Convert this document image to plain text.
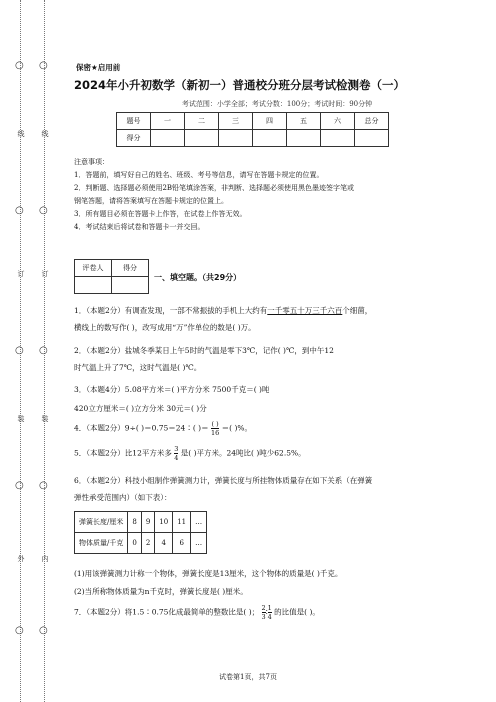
○
线
○
订
○
装
○
外
○
○
线
○
订
○
装
○
内
○
保密★启用前
2024年小升初数学（新初一）普通校分班分层考试检测卷（一）
考试范围：小学全部；考试分数：100分；考试时间：90分钟
题号	一	二	三	四	五	六	总分
得分							
注意事项：
1．答题前，填写好自己的姓名、班级、考号等信息，请写在答题卡规定的位置。
2．判断题、选择题必须使用2B铅笔填涂答案，非判断、选择题必须使用黑色墨迹签字笔或
钢笔答题，请将答案填写在答题卡规定的位置上。
3．所有题目必须在答题卡上作答，在试卷上作答无效。
4．考试结束后将试卷和答题卡一并交回。
评卷人	得分

一、填空题。（共29分）
1．（本题2分）有调查发现，一部不常振拔的手机上大约有一千零五十万三千六百个细菌，
横线上的数写作( )，改写成用“万”作单位的数是( )万。
2．（本题2分）盐城冬季某日上午5时的气温是零下3℃，记作( )℃，到中午12
时气温上升了7℃，这时气温是( )℃。
3．（本题4分）5.08平方米＝( )平方分米 7500千克＝( )吨
420立方厘米＝( )立方分米 30元＝( )分
4．（本题2分）9÷( )＝0.75＝24∶( )＝ $\frac{( )}{16}$ ＝( )%。
5．（本题2分）比12平方米多 $\frac{3}{4}$ 是( )平方米。24吨比( )吨少62.5%。
6．（本题2分）科技小组制作弹簧测力计，弹簧长度与所挂物体质量存在如下关系（在弹簧
弹性承受范围内）（如下表）：
弹簧长度/厘米	8	9	10	11	…
物体质量/千克	0	2	4	6	…
(1)用该弹簧测力计称一个物体，弹簧长度是13厘米，这个物体的质量是( )千克。
(2)当所称物体质量为n千克时，弹簧长度是( )厘米。
7．（本题2分）将1.5∶0.75化成最简单的整数比是( )； $\frac{2}{3}$ ∶ $\frac{1}{4}$ 的比值是( )。
试卷第1页，共7页
